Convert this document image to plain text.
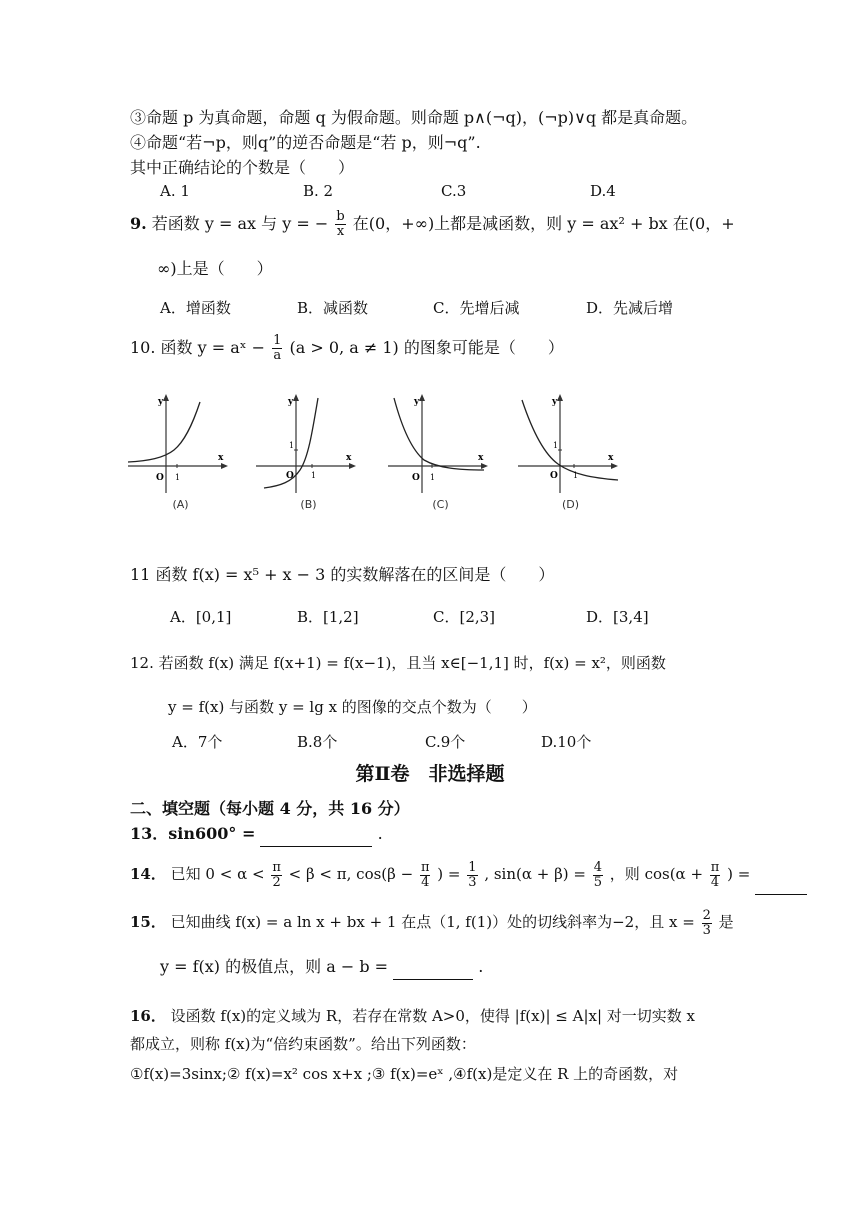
③命题 p 为真命题，命题 q 为假命题。则命题 p∧(¬q)，(¬p)∨q 都是真命题。
④命题“若¬p，则q”的逆否命题是“若 p，则¬q”.
其中正确结论的个数是（　　）
A. 1	B. 2	C.3	D.4
9. 若函数 y = ax 与 y = − $\frac{b}{x}$ 在(0，+∞)上都是减函数，则 y = ax² + bx 在(0，+
∞)上是（　　）
A．增函数	B．减函数	C．先增后减	D．先减后增
10. 函数 y = aˣ − $\frac{1}{a} (a > 0$, a ≠ 1) 的图象可能是（　　）
y
x
O 1
(A)
y
x
O
1
1
(B)
y
x
O 1
(C)
y
x
O
1
1
(D)
11 函数 f(x) = x⁵ + x − 3 的实数解落在的区间是（　　）
A．[0,1]	B．[1,2]	C．[2,3]	D．[3,4]
12. 若函数 f(x) 满足 f(x+1) = f(x−1)，且当 x∈[−1,1] 时，f(x) = x²，则函数
y = f(x) 与函数 y = lg x 的图像的交点个数为（　　）
A．7个	B.8个	C.9个	D.10个
第Ⅱ卷　非选择题
二、填空题（每小题 4 分，共 16 分）
13．sin600° =	.
14． 已知 $0 < \alpha < \frac{\pi}{2} < \beta < \pi$, $\cos(\beta - \frac{\pi}{4}$ ) = $\frac{1}{3}$ , $\sin(\alpha + \beta) = \frac{4}{5}$ ，则 $\cos(\alpha + \frac{\pi}{4}$ ) =
15． 已知曲线 f(x) = a ln x + bx + 1 在点（1, f(1)）处的切线斜率为−2，且 $x = \frac{2}{3}$ 是
y = f(x) 的极值点，则 a − b =	.
16． 设函数 f(x)的定义域为 R，若存在常数 A>0，使得 |f(x)| ≤ A|x| 对一切实数 x
都成立，则称 f(x)为“倍约束函数”。给出下列函数：
①f(x)=3sinx;② f(x)=x² cos x+x ;③ f(x)=eˣ ,④f(x)是定义在 R 上的奇函数，对
